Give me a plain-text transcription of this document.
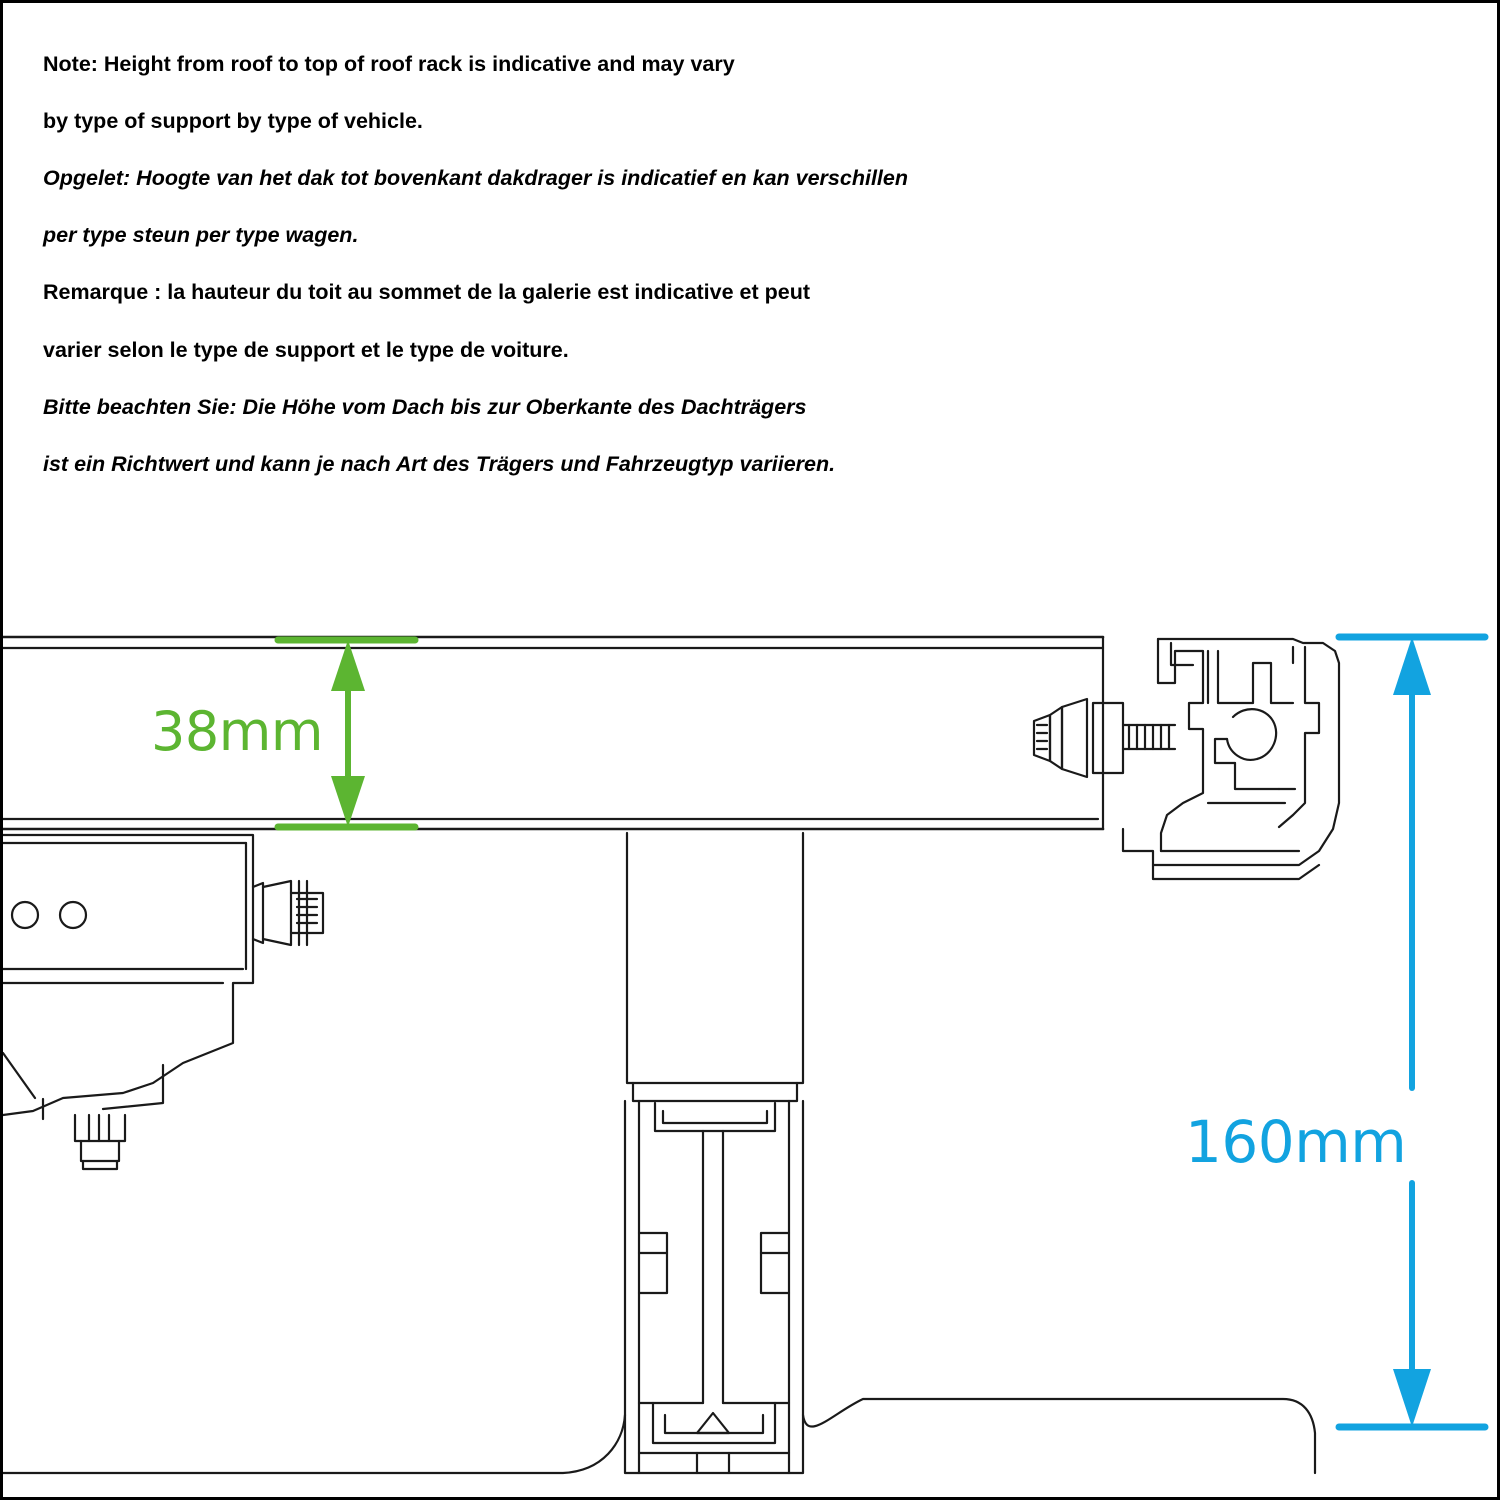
Note: Height from roof to top of roof rack is indicative and may vary

by type of support by type of vehicle.

Opgelet: Hoogte van het dak tot bovenkant dakdrager is indicatief en kan verschillen

per type steun per type wagen.

Remarque : la hauteur du toit au sommet de la galerie est indicative et peut

varier selon le type de support et le type de voiture.

Bitte beachten Sie: Die Höhe vom Dach bis zur Oberkante des Dachträgers

ist ein Richtwert und kann je nach Art des Trägers und Fahrzeugtyp variieren.

38mm
160mm
